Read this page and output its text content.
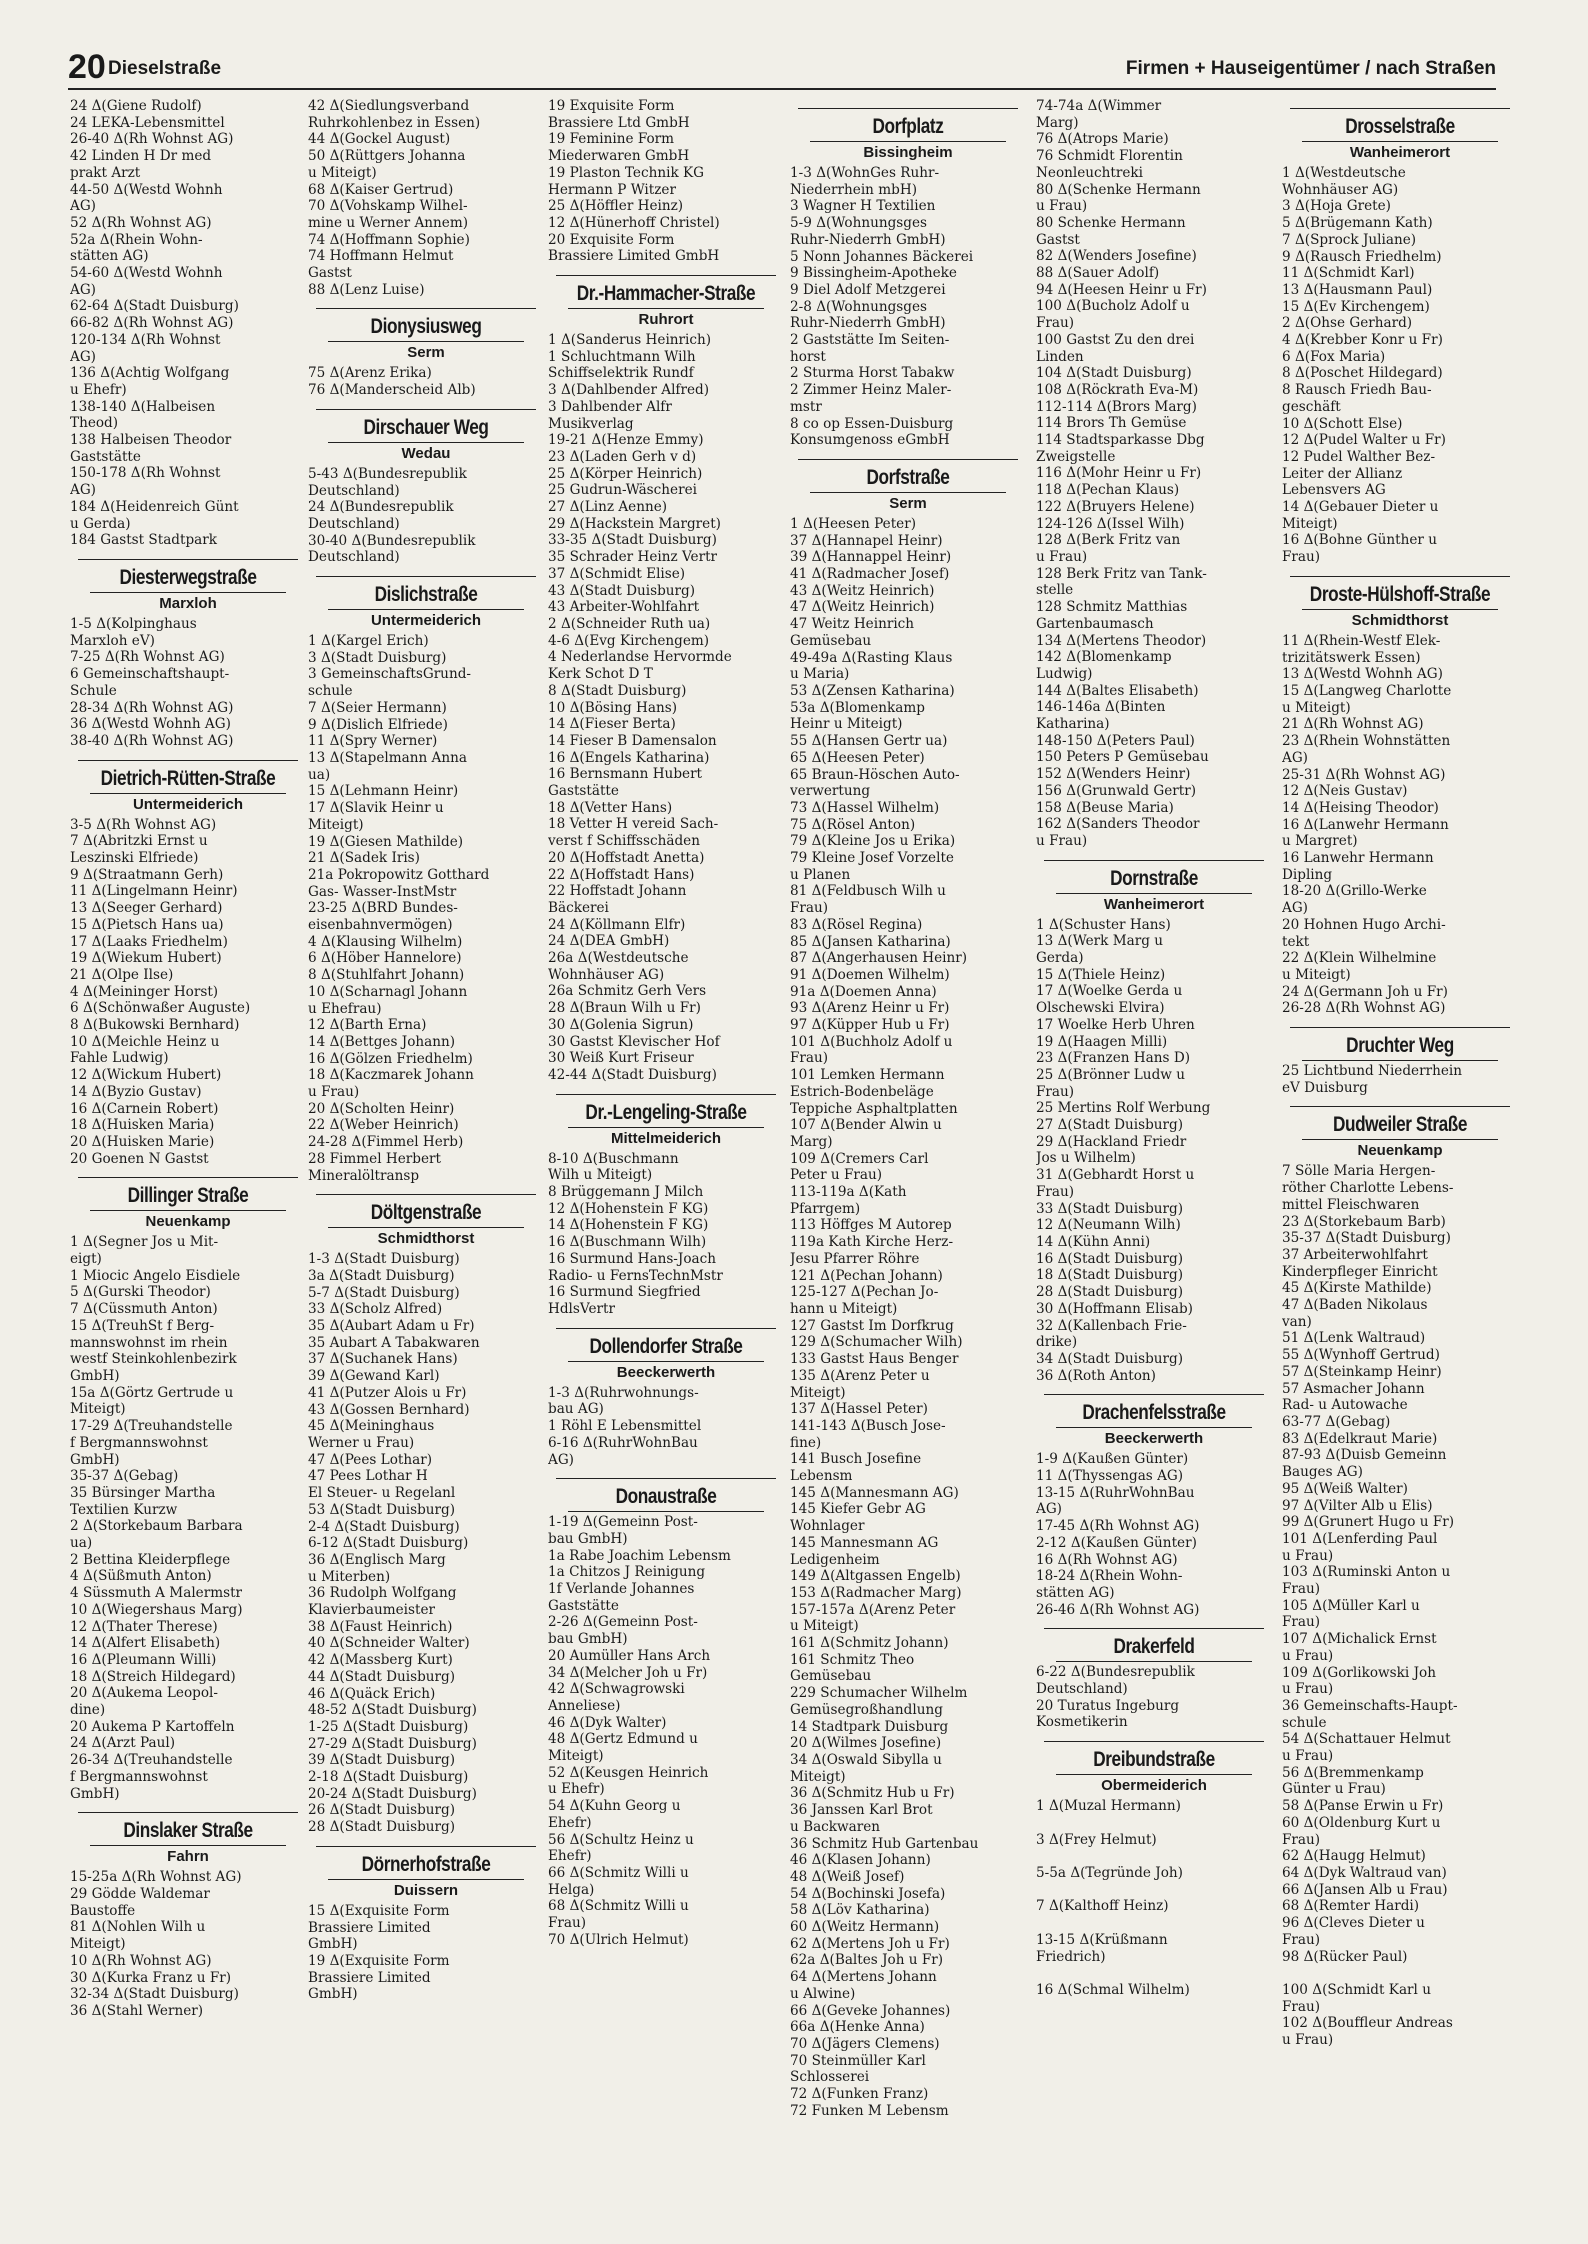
20 Dieselstraße	Firmen + Hauseigentümer / nach Straßen
24 Δ(Giene Rudolf)
24 LEKA-Lebensmittel
26-40 Δ(Rh Wohnst AG)
42 Linden H Dr med
prakt Arzt
44-50 Δ(Westd Wohnh
AG)
52 Δ(Rh Wohnst AG)
52a Δ(Rhein Wohn-
stätten AG)
54-60 Δ(Westd Wohnh
AG)
62-64 Δ(Stadt Duisburg)
66-82 Δ(Rh Wohnst AG)
120-134 Δ(Rh Wohnst
AG)
136 Δ(Achtig Wolfgang
u Ehefr)
138-140 Δ(Halbeisen
Theod)
138 Halbeisen Theodor
Gaststätte
150-178 Δ(Rh Wohnst
AG)
184 Δ(Heidenreich Günt
u Gerda)
184 Gastst Stadtpark
Diesterwegstraße
Marxloh
1-5 Δ(Kolpinghaus
Marxloh eV)
7-25 Δ(Rh Wohnst AG)
6 Gemeinschaftshaupt-
Schule
28-34 Δ(Rh Wohnst AG)
36 Δ(Westd Wohnh AG)
38-40 Δ(Rh Wohnst AG)
Dietrich-Rütten-Straße
Untermeiderich
3-5 Δ(Rh Wohnst AG)
7 Δ(Abritzki Ernst u
Leszinski Elfriede)
9 Δ(Straatmann Gerh)
11 Δ(Lingelmann Heinr)
13 Δ(Seeger Gerhard)
15 Δ(Pietsch Hans ua)
17 Δ(Laaks Friedhelm)
19 Δ(Wiekum Hubert)
21 Δ(Olpe Ilse)
4 Δ(Meininger Horst)
6 Δ(Schönwaßer Auguste)
8 Δ(Bukowski Bernhard)
10 Δ(Meichle Heinz u
Fahle Ludwig)
12 Δ(Wickum Hubert)
14 Δ(Byzio Gustav)
16 Δ(Carnein Robert)
18 Δ(Huisken Maria)
20 Δ(Huisken Marie)
20 Goenen N Gastst
Dillinger Straße
Neuenkamp
1 Δ(Segner Jos u Mit-
eigt)
1 Miocic Angelo Eisdiele
5 Δ(Gurski Theodor)
7 Δ(Cüssmuth Anton)
15 Δ(TreuhSt f Berg-
mannswohnst im rhein
westf Steinkohlenbezirk
GmbH)
15a Δ(Görtz Gertrude u
Miteigt)
17-29 Δ(Treuhandstelle
f Bergmannswohnst
GmbH)
35-37 Δ(Gebag)
35 Bürsinger Martha
Textilien Kurzw
2 Δ(Storkebaum Barbara
ua)
2 Bettina Kleiderpflege
4 Δ(Süßmuth Anton)
4 Süssmuth A Malermstr
10 Δ(Wiegershaus Marg)
12 Δ(Thater Therese)
14 Δ(Alfert Elisabeth)
16 Δ(Pleumann Willi)
18 Δ(Streich Hildegard)
20 Δ(Aukema Leopol-
dine)
20 Aukema P Kartoffeln
24 Δ(Arzt Paul)
26-34 Δ(Treuhandstelle
f Bergmannswohnst
GmbH)
Dinslaker Straße
Fahrn
15-25a Δ(Rh Wohnst AG)
29 Gödde Waldemar
Baustoffe
81 Δ(Nohlen Wilh u
Miteigt)
10 Δ(Rh Wohnst AG)
30 Δ(Kurka Franz u Fr)
32-34 Δ(Stadt Duisburg)
36 Δ(Stahl Werner)
42 Δ(Siedlungsverband
Ruhrkohlenbez in Essen)
44 Δ(Gockel August)
50 Δ(Rüttgers Johanna
u Miteigt)
68 Δ(Kaiser Gertrud)
70 Δ(Vohskamp Wilhel-
mine u Werner Annem)
74 Δ(Hoffmann Sophie)
74 Hoffmann Helmut
Gastst
88 Δ(Lenz Luise)
Dionysiusweg
Serm
75 Δ(Arenz Erika)
76 Δ(Manderscheid Alb)
Dirschauer Weg
Wedau
5-43 Δ(Bundesrepublik
Deutschland)
24 Δ(Bundesrepublik
Deutschland)
30-40 Δ(Bundesrepublik
Deutschland)
Dislichstraße
Untermeiderich
1 Δ(Kargel Erich)
3 Δ(Stadt Duisburg)
3 GemeinschaftsGrund-
schule
7 Δ(Seier Hermann)
9 Δ(Dislich Elfriede)
11 Δ(Spry Werner)
13 Δ(Stapelmann Anna
ua)
15 Δ(Lehmann Heinr)
17 Δ(Slavik Heinr u
Miteigt)
19 Δ(Giesen Mathilde)
21 Δ(Sadek Iris)
21a Pokropowitz Gotthard
Gas- Wasser-InstMstr
23-25 Δ(BRD Bundes-
eisenbahnvermögen)
4 Δ(Klausing Wilhelm)
6 Δ(Höber Hannelore)
8 Δ(Stuhlfahrt Johann)
10 Δ(Scharnagl Johann
u Ehefrau)
12 Δ(Barth Erna)
14 Δ(Bettges Johann)
16 Δ(Gölzen Friedhelm)
18 Δ(Kaczmarek Johann
u Frau)
20 Δ(Scholten Heinr)
22 Δ(Weber Heinrich)
24-28 Δ(Fimmel Herb)
28 Fimmel Herbert
Mineralöltransp
Döltgenstraße
Schmidthorst
1-3 Δ(Stadt Duisburg)
3a Δ(Stadt Duisburg)
5-7 Δ(Stadt Duisburg)
33 Δ(Scholz Alfred)
35 Δ(Aubart Adam u Fr)
35 Aubart A Tabakwaren
37 Δ(Suchanek Hans)
39 Δ(Gewand Karl)
41 Δ(Putzer Alois u Fr)
43 Δ(Gossen Bernhard)
45 Δ(Meininghaus
Werner u Frau)
47 Δ(Pees Lothar)
47 Pees Lothar H
El Steuer- u Regelanl
53 Δ(Stadt Duisburg)
2-4 Δ(Stadt Duisburg)
6-12 Δ(Stadt Duisburg)
36 Δ(Englisch Marg
u Miterben)
36 Rudolph Wolfgang
Klavierbaumeister
38 Δ(Faust Heinrich)
40 Δ(Schneider Walter)
42 Δ(Massberg Kurt)
44 Δ(Stadt Duisburg)
46 Δ(Quäck Erich)
48-52 Δ(Stadt Duisburg)
1-25 Δ(Stadt Duisburg)
27-29 Δ(Stadt Duisburg)
39 Δ(Stadt Duisburg)
2-18 Δ(Stadt Duisburg)
20-24 Δ(Stadt Duisburg)
26 Δ(Stadt Duisburg)
28 Δ(Stadt Duisburg)
Dörnerhofstraße
Duissern
15 Δ(Exquisite Form
Brassiere Limited
GmbH)
19 Δ(Exquisite Form
Brassiere Limited
GmbH)
19 Exquisite Form
Brassiere Ltd GmbH
19 Feminine Form
Miederwaren GmbH
19 Plaston Technik KG
Hermann P Witzer
25 Δ(Höffler Heinz)
12 Δ(Hünerhoff Christel)
20 Exquisite Form
Brassiere Limited GmbH
Dr.-Hammacher-Straße
Ruhrort
1 Δ(Sanderus Heinrich)
1 Schluchtmann Wilh
Schiffselektrik Rundf
3 Δ(Dahlbender Alfred)
3 Dahlbender Alfr
Musikverlag
19-21 Δ(Henze Emmy)
23 Δ(Laden Gerh v d)
25 Δ(Körper Heinrich)
25 Gudrun-Wäscherei
27 Δ(Linz Aenne)
29 Δ(Hackstein Margret)
33-35 Δ(Stadt Duisburg)
35 Schrader Heinz Vertr
37 Δ(Schmidt Elise)
43 Δ(Stadt Duisburg)
43 Arbeiter-Wohlfahrt
2 Δ(Schneider Ruth ua)
4-6 Δ(Evg Kirchengem)
4 Nederlandse Hervormde
Kerk Schot D T
8 Δ(Stadt Duisburg)
10 Δ(Bösing Hans)
14 Δ(Fieser Berta)
14 Fieser B Damensalon
16 Δ(Engels Katharina)
16 Bernsmann Hubert
Gaststätte
18 Δ(Vetter Hans)
18 Vetter H vereid Sach-
verst f Schiffsschäden
20 Δ(Hoffstadt Anetta)
22 Δ(Hoffstadt Hans)
22 Hoffstadt Johann
Bäckerei
24 Δ(Köllmann Elfr)
24 Δ(DEA GmbH)
26a Δ(Westdeutsche
Wohnhäuser AG)
26a Schmitz Gerh Vers
28 Δ(Braun Wilh u Fr)
30 Δ(Golenia Sigrun)
30 Gastst Klevischer Hof
30 Weiß Kurt Friseur
42-44 Δ(Stadt Duisburg)
Dr.-Lengeling-Straße
Mittelmeiderich
8-10 Δ(Buschmann
Wilh u Miteigt)
8 Brüggemann J Milch
12 Δ(Hohenstein F KG)
14 Δ(Hohenstein F KG)
16 Δ(Buschmann Wilh)
16 Surmund Hans-Joach
Radio- u FernsTechnMstr
16 Surmund Siegfried
HdlsVertr
Dollendorfer Straße
Beeckerwerth
1-3 Δ(Ruhrwohnungs-
bau AG)
1 Röhl E Lebensmittel
6-16 Δ(RuhrWohnBau
AG)
Donaustraße
1-19 Δ(Gemeinn Post-
bau GmbH)
1a Rabe Joachim Lebensm
1a Chitzos J Reinigung
1f Verlande Johannes
Gaststätte
2-26 Δ(Gemeinn Post-
bau GmbH)
20 Aumüller Hans Arch
34 Δ(Melcher Joh u Fr)
42 Δ(Schwagrowski
Anneliese)
46 Δ(Dyk Walter)
48 Δ(Gertz Edmund u
Miteigt)
52 Δ(Keusgen Heinrich
u Ehefr)
54 Δ(Kuhn Georg u
Ehefr)
56 Δ(Schultz Heinz u
Ehefr)
66 Δ(Schmitz Willi u
Helga)
68 Δ(Schmitz Willi u
Frau)
70 Δ(Ulrich Helmut)
Dorfplatz
Bissingheim
1-3 Δ(WohnGes Ruhr-
Niederrhein mbH)
3 Wagner H Textilien
5-9 Δ(Wohnungsges
Ruhr-Niederrh GmbH)
5 Nonn Johannes Bäckerei
9 Bissingheim-Apotheke
9 Diel Adolf Metzgerei
2-8 Δ(Wohnungsges
Ruhr-Niederrh GmbH)
2 Gaststätte Im Seiten-
horst
2 Sturma Horst Tabakw
2 Zimmer Heinz Maler-
mstr
8 co op Essen-Duisburg
Konsumgenoss eGmbH
Dorfstraße
Serm
1 Δ(Heesen Peter)
37 Δ(Hannapel Heinr)
39 Δ(Hannappel Heinr)
41 Δ(Radmacher Josef)
43 Δ(Weitz Heinrich)
47 Δ(Weitz Heinrich)
47 Weitz Heinrich
Gemüsebau
49-49a Δ(Rasting Klaus
u Maria)
53 Δ(Zensen Katharina)
53a Δ(Blomenkamp
Heinr u Miteigt)
55 Δ(Hansen Gertr ua)
65 Δ(Heesen Peter)
65 Braun-Höschen Auto-
verwertung
73 Δ(Hassel Wilhelm)
75 Δ(Rösel Anton)
79 Δ(Kleine Jos u Erika)
79 Kleine Josef Vorzelte
u Planen
81 Δ(Feldbusch Wilh u
Frau)
83 Δ(Rösel Regina)
85 Δ(Jansen Katharina)
87 Δ(Angerhausen Heinr)
91 Δ(Doemen Wilhelm)
91a Δ(Doemen Anna)
93 Δ(Arenz Heinr u Fr)
97 Δ(Küpper Hub u Fr)
101 Δ(Buchholz Adolf u
Frau)
101 Lemken Hermann
Estrich-Bodenbeläge
Teppiche Asphaltplatten
107 Δ(Bender Alwin u
Marg)
109 Δ(Cremers Carl
Peter u Frau)
113-119a Δ(Kath
Pfarrgem)
113 Höffges M Autorep
119a Kath Kirche Herz-
Jesu Pfarrer Röhre
121 Δ(Pechan Johann)
125-127 Δ(Pechan Jo-
hann u Miteigt)
127 Gastst Im Dorfkrug
129 Δ(Schumacher Wilh)
133 Gastst Haus Benger
135 Δ(Arenz Peter u
Miteigt)
137 Δ(Hassel Peter)
141-143 Δ(Busch Jose-
fine)
141 Busch Josefine
Lebensm
145 Δ(Mannesmann AG)
145 Kiefer Gebr AG
Wohnlager
145 Mannesmann AG
Ledigenheim
149 Δ(Altgassen Engelb)
153 Δ(Radmacher Marg)
157-157a Δ(Arenz Peter
u Miteigt)
161 Δ(Schmitz Johann)
161 Schmitz Theo
Gemüsebau
229 Schumacher Wilhelm
Gemüsegroßhandlung
14 Stadtpark Duisburg
20 Δ(Wilmes Josefine)
34 Δ(Oswald Sibylla u
Miteigt)
36 Δ(Schmitz Hub u Fr)
36 Janssen Karl Brot
u Backwaren
36 Schmitz Hub Gartenbau
46 Δ(Klasen Johann)
48 Δ(Weiß Josef)
54 Δ(Bochinski Josefa)
58 Δ(Löv Katharina)
60 Δ(Weitz Hermann)
62 Δ(Mertens Joh u Fr)
62a Δ(Baltes Joh u Fr)
64 Δ(Mertens Johann
u Alwine)
66 Δ(Geveke Johannes)
66a Δ(Henke Anna)
70 Δ(Jägers Clemens)
70 Steinmüller Karl
Schlosserei
72 Δ(Funken Franz)
72 Funken M Lebensm
74-74a Δ(Wimmer
Marg)
76 Δ(Atrops Marie)
76 Schmidt Florentin
Neonleuchtreki
80 Δ(Schenke Hermann
u Frau)
80 Schenke Hermann
Gastst
82 Δ(Wenders Josefine)
88 Δ(Sauer Adolf)
94 Δ(Heesen Heinr u Fr)
100 Δ(Bucholz Adolf u
Frau)
100 Gastst Zu den drei
Linden
104 Δ(Stadt Duisburg)
108 Δ(Röckrath Eva-M)
112-114 Δ(Brors Marg)
114 Brors Th Gemüse
114 Stadtsparkasse Dbg
Zweigstelle
116 Δ(Mohr Heinr u Fr)
118 Δ(Pechan Klaus)
122 Δ(Bruyers Helene)
124-126 Δ(Issel Wilh)
128 Δ(Berk Fritz van
u Frau)
128 Berk Fritz van Tank-
stelle
128 Schmitz Matthias
Gartenbaumasch
134 Δ(Mertens Theodor)
142 Δ(Blomenkamp
Ludwig)
144 Δ(Baltes Elisabeth)
146-146a Δ(Binten
Katharina)
148-150 Δ(Peters Paul)
150 Peters P Gemüsebau
152 Δ(Wenders Heinr)
156 Δ(Grunwald Gertr)
158 Δ(Beuse Maria)
162 Δ(Sanders Theodor
u Frau)
Dornstraße
Wanheimerort
1 Δ(Schuster Hans)
13 Δ(Werk Marg u
Gerda)
15 Δ(Thiele Heinz)
17 Δ(Woelke Gerda u
Olschewski Elvira)
17 Woelke Herb Uhren
19 Δ(Haagen Milli)
23 Δ(Franzen Hans D)
25 Δ(Brönner Ludw u
Frau)
25 Mertins Rolf Werbung
27 Δ(Stadt Duisburg)
29 Δ(Hackland Friedr
Jos u Wilhelm)
31 Δ(Gebhardt Horst u
Frau)
33 Δ(Stadt Duisburg)
12 Δ(Neumann Wilh)
14 Δ(Kühn Anni)
16 Δ(Stadt Duisburg)
18 Δ(Stadt Duisburg)
28 Δ(Stadt Duisburg)
30 Δ(Hoffmann Elisab)
32 Δ(Kallenbach Frie-
drike)
34 Δ(Stadt Duisburg)
36 Δ(Roth Anton)
Drachenfelsstraße
Beeckerwerth
1-9 Δ(Kaußen Günter)
11 Δ(Thyssengas AG)
13-15 Δ(RuhrWohnBau
AG)
17-45 Δ(Rh Wohnst AG)
2-12 Δ(Kaußen Günter)
16 Δ(Rh Wohnst AG)
18-24 Δ(Rhein Wohn-
stätten AG)
26-46 Δ(Rh Wohnst AG)
Drakerfeld
6-22 Δ(Bundesrepublik
Deutschland)
20 Turatus Ingeburg
Kosmetikerin
Dreibundstraße
Obermeiderich
1 Δ(Muzal Hermann)

3 Δ(Frey Helmut)

5-5a Δ(Tegründe Joh)

7 Δ(Kalthoff Heinz)

13-15 Δ(Krüßmann
Friedrich)

16 Δ(Schmal Wilhelm)
Drosselstraße
Wanheimerort
1 Δ(Westdeutsche
Wohnhäuser AG)
3 Δ(Hoja Grete)
5 Δ(Brügemann Kath)
7 Δ(Sprock Juliane)
9 Δ(Rausch Friedhelm)
11 Δ(Schmidt Karl)
13 Δ(Hausmann Paul)
15 Δ(Ev Kirchengem)
2 Δ(Ohse Gerhard)
4 Δ(Krebber Konr u Fr)
6 Δ(Fox Maria)
8 Δ(Poschet Hildegard)
8 Rausch Friedh Bau-
geschäft
10 Δ(Schott Else)
12 Δ(Pudel Walter u Fr)
12 Pudel Walther Bez-
Leiter der Allianz
Lebensvers AG
14 Δ(Gebauer Dieter u
Miteigt)
16 Δ(Bohne Günther u
Frau)
Droste-Hülshoff-Straße
Schmidthorst
11 Δ(Rhein-Westf Elek-
trizitätswerk Essen)
13 Δ(Westd Wohnh AG)
15 Δ(Langweg Charlotte
u Miteigt)
21 Δ(Rh Wohnst AG)
23 Δ(Rhein Wohnstätten
AG)
25-31 Δ(Rh Wohnst AG)
12 Δ(Neis Gustav)
14 Δ(Heising Theodor)
16 Δ(Lanwehr Hermann
u Margret)
16 Lanwehr Hermann
Dipling
18-20 Δ(Grillo-Werke
AG)
20 Hohnen Hugo Archi-
tekt
22 Δ(Klein Wilhelmine
u Miteigt)
24 Δ(Germann Joh u Fr)
26-28 Δ(Rh Wohnst AG)
Druchter Weg
25 Lichtbund Niederrhein
eV Duisburg
Dudweiler Straße
Neuenkamp
7 Sölle Maria Hergen-
röther Charlotte Lebens-
mittel Fleischwaren
23 Δ(Storkebaum Barb)
35-37 Δ(Stadt Duisburg)
37 Arbeiterwohlfahrt
Kinderpfleger Einricht
45 Δ(Kirste Mathilde)
47 Δ(Baden Nikolaus
van)
51 Δ(Lenk Waltraud)
55 Δ(Wynhoff Gertrud)
57 Δ(Steinkamp Heinr)
57 Asmacher Johann
Rad- u Autowache
63-77 Δ(Gebag)
83 Δ(Edelkraut Marie)
87-93 Δ(Duisb Gemeinn
Bauges AG)
95 Δ(Weiß Walter)
97 Δ(Vilter Alb u Elis)
99 Δ(Grunert Hugo u Fr)
101 Δ(Lenferding Paul
u Frau)
103 Δ(Ruminski Anton u
Frau)
105 Δ(Müller Karl u
Frau)
107 Δ(Michalick Ernst
u Frau)
109 Δ(Gorlikowski Joh
u Frau)
36 Gemeinschafts-Haupt-
schule
54 Δ(Schattauer Helmut
u Frau)
56 Δ(Bremmenkamp
Günter u Frau)
58 Δ(Panse Erwin u Fr)
60 Δ(Oldenburg Kurt u
Frau)
62 Δ(Haugg Helmut)
64 Δ(Dyk Waltraud van)
66 Δ(Jansen Alb u Frau)
68 Δ(Remter Hardi)
96 Δ(Cleves Dieter u
Frau)
98 Δ(Rücker Paul)

100 Δ(Schmidt Karl u
Frau)
102 Δ(Bouffleur Andreas
u Frau)
